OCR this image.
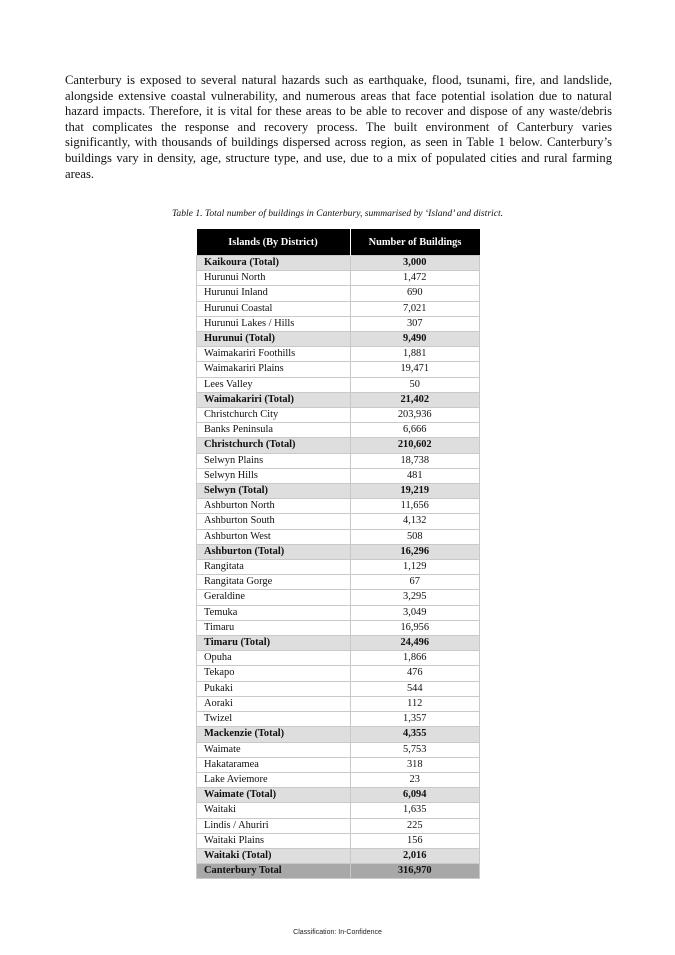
Canterbury is exposed to several natural hazards such as earthquake, flood, tsunami, fire, and landslide, alongside extensive coastal vulnerability, and numerous areas that face potential isolation due to natural hazard impacts. Therefore, it is vital for these areas to be able to recover and dispose of any waste/debris that complicates the response and recovery process. The built environment of Canterbury varies significantly, with thousands of buildings dispersed across region, as seen in Table 1 below. Canterbury’s buildings vary in density, age, structure type, and use, due to a mix of populated cities and rural farming areas.

Table 1. Total number of buildings in Canterbury, summarised by ‘Island’ and district.
Islands (By District)	Number of Buildings
Kaikoura (Total)	3,000
Hurunui North	1,472
Hurunui Inland	690
Hurunui Coastal	7,021
Hurunui Lakes / Hills	307
Hurunui (Total)	9,490
Waimakariri Foothills	1,881
Waimakariri Plains	19,471
Lees Valley	50
Waimakariri (Total)	21,402
Christchurch City	203,936
Banks Peninsula	6,666
Christchurch (Total)	210,602
Selwyn Plains	18,738
Selwyn Hills	481
Selwyn (Total)	19,219
Ashburton North	11,656
Ashburton South	4,132
Ashburton West	508
Ashburton (Total)	16,296
Rangitata	1,129
Rangitata Gorge	67
Geraldine	3,295
Temuka	3,049
Timaru	16,956
Timaru (Total)	24,496
Opuha	1,866
Tekapo	476
Pukaki	544
Aoraki	112
Twizel	1,357
Mackenzie (Total)	4,355
Waimate	5,753
Hakataramea	318
Lake Aviemore	23
Waimate (Total)	6,094
Waitaki	1,635
Lindis / Ahuriri	225
Waitaki Plains	156
Waitaki (Total)	2,016
Canterbury Total	316,970
Classification: In-Confidence
